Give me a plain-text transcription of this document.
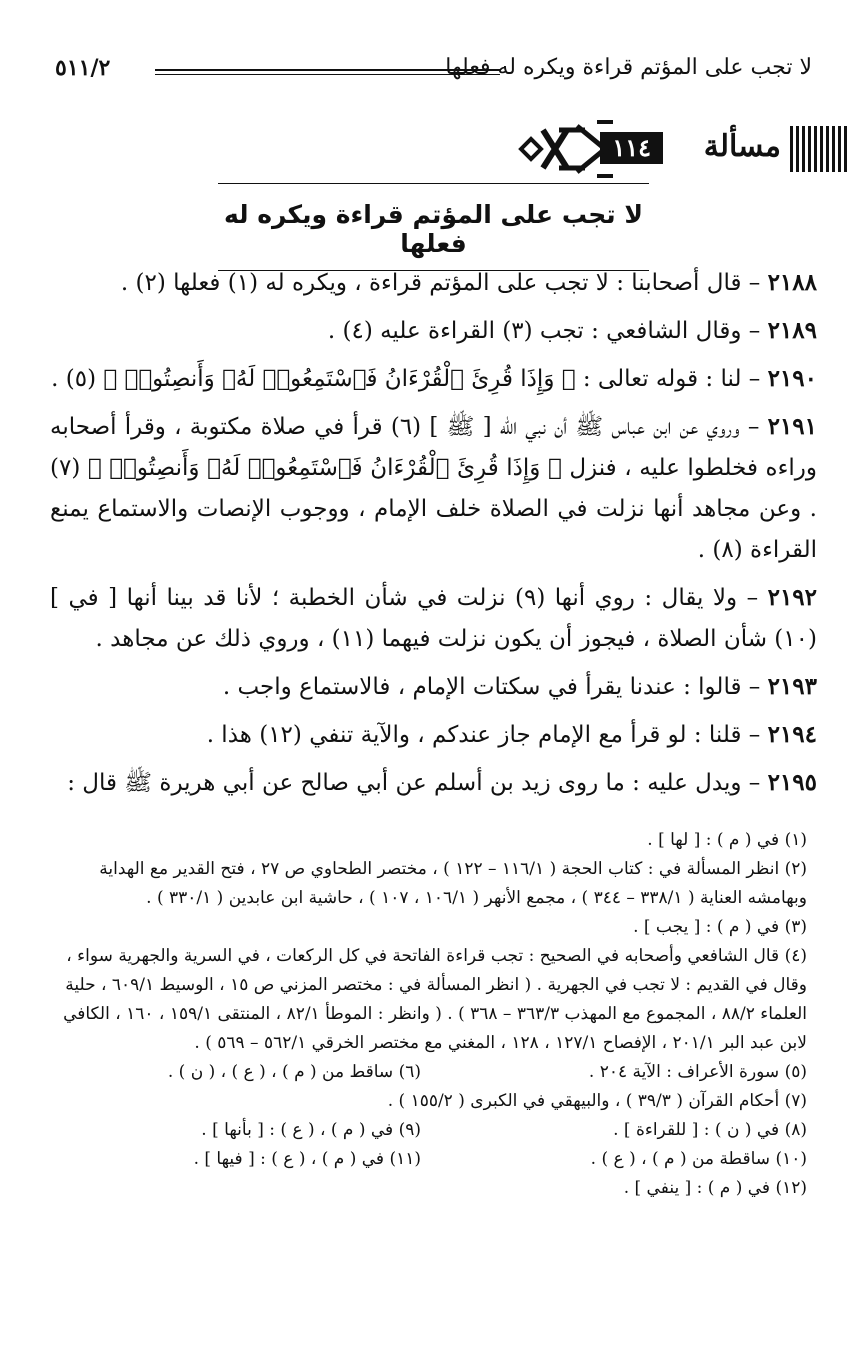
لا تجب على المؤتم قراءة ويكره له فعلها
٥١١/٢
مسألة
١١٤
لا تجب على المؤتم قراءة ويكره له فعلها

٢١٨٨ – قال أصحابنا : لا تجب على المؤتم قراءة ، ويكره له (١) فعلها (٢) .

٢١٨٩ – وقال الشافعي : تجب (٣) القراءة عليه (٤) .

٢١٩٠ – لنا : قوله تعالى : ﴿ وَإِذَا قُرِئَ ٱلْقُرْءَانُ فَٱسْتَمِعُوا۟ لَهُۥ وَأَنصِتُوا۟ ﴾ (٥) .

٢١٩١ – وروي عن ابن عباس ﷺ أن نبي الله [ ﷺ ] (٦) قرأ في صلاة مكتوبة ، وقرأ أصحابه وراءه فخلطوا عليه ، فنزل ﴿ وَإِذَا قُرِئَ ٱلْقُرْءَانُ فَٱسْتَمِعُوا۟ لَهُۥ وَأَنصِتُوا۟ ﴾ (٧) . وعن مجاهد أنها نزلت في الصلاة خلف الإمام ، ووجوب الإنصات والاستماع يمنع القراءة (٨) .

٢١٩٢ – ولا يقال : روي أنها (٩) نزلت في شأن الخطبة ؛ لأنا قد بينا أنها [ في ] (١٠) شأن الصلاة ، فيجوز أن يكون نزلت فيهما (١١) ، وروي ذلك عن مجاهد .

٢١٩٣ – قالوا : عندنا يقرأ في سكتات الإمام ، فالاستماع واجب .

٢١٩٤ – قلنا : لو قرأ مع الإمام جاز عندكم ، والآية تنفي (١٢) هذا .

٢١٩٥ – ويدل عليه : ما روى زيد بن أسلم عن أبي صالح عن أبي هريرة ﷺ قال :

(١) في ( م ) : [ لها ] .

(٢) انظر المسألة في : كتاب الحجة ( ١١٦/١ – ١٢٢ ) ، مختصر الطحاوي ص ٢٧ ، فتح القدير مع الهداية وبهامشه العناية ( ٣٣٨/١ – ٣٤٤ ) ، مجمع الأنهر ( ١٠٦/١ ، ١٠٧ ) ، حاشية ابن عابدين ( ٣٣٠/١ ) .

(٣) في ( م ) : [ يجب ] .

(٤) قال الشافعي وأصحابه في الصحيح : تجب قراءة الفاتحة في كل الركعات ، في السرية والجهرية سواء ، وقال في القديم : لا تجب في الجهرية . ( انظر المسألة في : مختصر المزني ص ١٥ ، الوسيط ٦٠٩/١ ، حلية العلماء ٨٨/٢ ، المجموع مع المهذب ٣٦٣/٣ – ٣٦٨ ) . ( وانظر : الموطأ ٨٢/١ ، المنتقى ١٥٩/١ ، ١٦٠ ، الكافي لابن عبد البر ٢٠١/١ ، الإفصاح ١٢٧/١ ، ١٢٨ ، المغني مع مختصر الخرقي ٥٦٢/١ – ٥٦٩ ) .

(٥) سورة الأعراف : الآية ٢٠٤ .

(٦) ساقط من ( م ) ، ( ع ) ، ( ن ) .

(٧) أحكام القرآن ( ٣٩/٣ ) ، والبيهقي في الكبرى ( ١٥٥/٢ ) .

(٨) في ( ن ) : [ للقراءة ] .

(٩) في ( م ) ، ( ع ) : [ بأنها ] .

(١٠) ساقطة من ( م ) ، ( ع ) .

(١١) في ( م ) ، ( ع ) : [ فيها ] .

(١٢) في ( م ) : [ ينفي ] .
